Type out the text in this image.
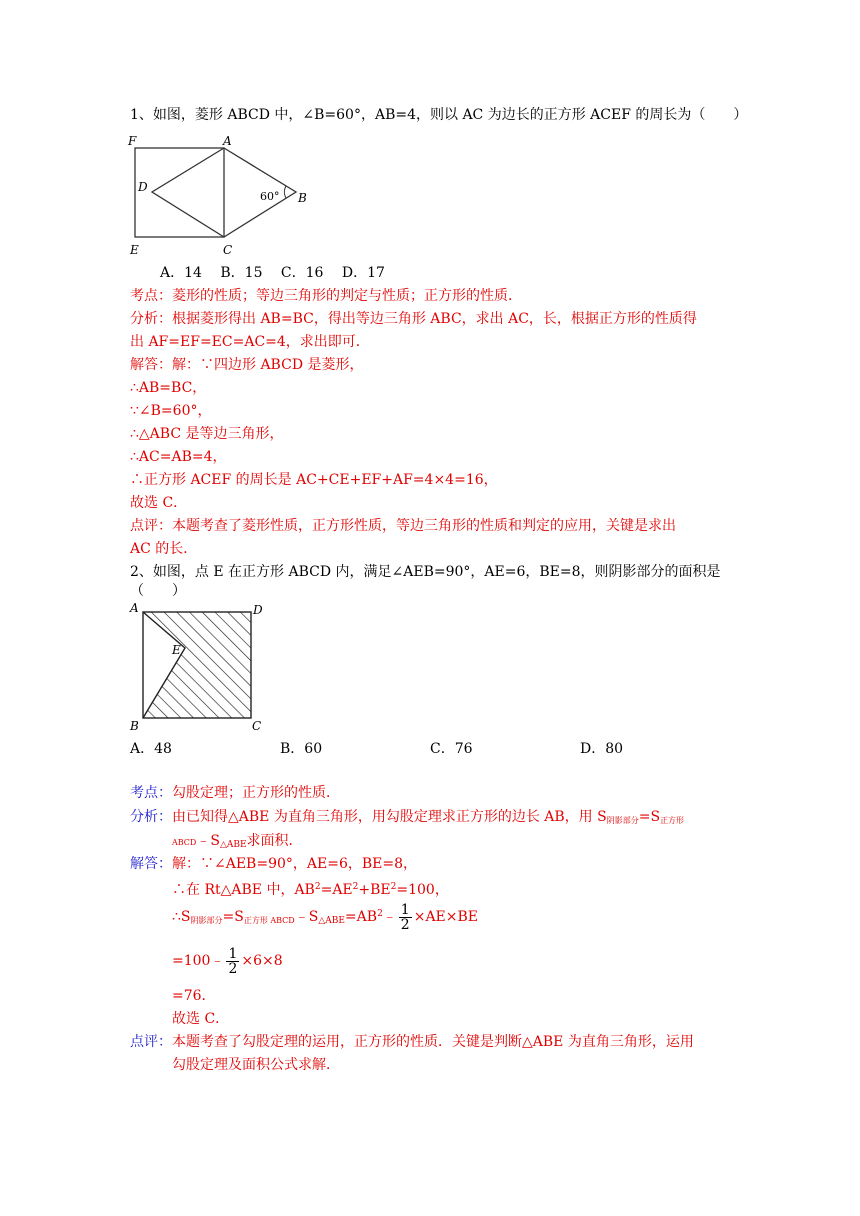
1、如图，菱形 ABCD 中，∠B=60°，AB=4，则以 AC 为边长的正方形 ACEF 的周长为（　　）
F	A
D
B
E	C
60°
A．14　 B．15　 C．16　 D．17
考点：菱形的性质；等边三角形的判定与性质；正方形的性质．
分析：根据菱形得出 AB=BC，得出等边三角形 ABC，求出 AC，长，根据正方形的性质得
出 AF=EF=EC=AC=4，求出即可．
解答：解：∵四边形 ABCD 是菱形，
∴AB=BC，
∵∠B=60°，
∴△ABC 是等边三角形，
∴AC=AB=4，
∴正方形 ACEF 的周长是 AC+CE+EF+AF=4×4=16，
故选 C．
点评：本题考查了菱形性质，正方形性质，等边三角形的性质和判定的应用，关键是求出
AC 的长．
2、如图，点 E 在正方形 ABCD 内，满足∠AEB=90°，AE=6，BE=8，则阴影部分的面积是
（　　）
A	D
E
B	C
A．48	B．60	C．76	D．80
考点：勾股定理；正方形的性质．
分析：由已知得△ABE 为直角三角形，用勾股定理求正方形的边长 AB，用 $S_{阴影部分}=S_{正方形}$
$ABCD﹣S_{\triangle ABE}$求面积．
解答：解：∵∠AEB=90°，AE=6，BE=8，
∴在 Rt△ABE 中，$AB^2=AE^2+BE^2=100$，
$\therefore S_{阴影部分}=S_{正方形 ABCD}﹣S_{\triangle ABE}=AB^2﹣ \frac{1}{2} \times AE\times BE$
=100﹣ $\frac{1}{2} \times 6\times 8$
=76．
故选 C．
点评：本题考查了勾股定理的运用，正方形的性质．关键是判断△ABE 为直角三角形，运用
勾股定理及面积公式求解．
